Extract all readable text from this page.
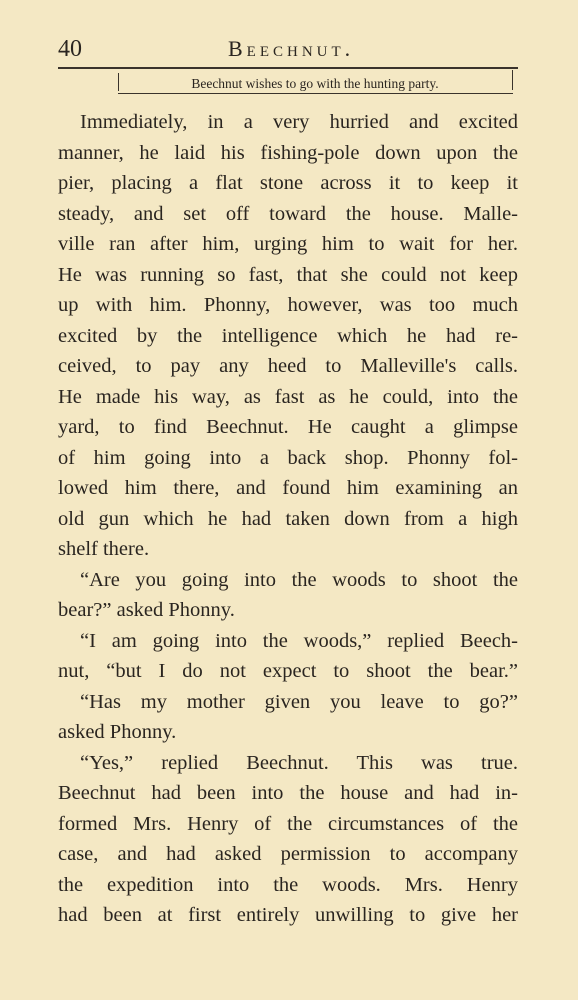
40	Beechnut.
Beechnut wishes to go with the hunting party.
Immediately, in a very hurried and excited
manner, he laid his fishing-pole down upon the
pier, placing a flat stone across it to keep it
steady, and set off toward the house. Malle-
ville ran after him, urging him to wait for her.
He was running so fast, that she could not keep
up with him. Phonny, however, was too much
excited by the intelligence which he had re-
ceived, to pay any heed to Malleville's calls.
He made his way, as fast as he could, into the
yard, to find Beechnut. He caught a glimpse
of him going into a back shop. Phonny fol-
lowed him there, and found him examining an
old gun which he had taken down from a high
shelf there.
“Are you going into the woods to shoot the
bear?” asked Phonny.
“I am going into the woods,” replied Beech-
nut, “but I do not expect to shoot the bear.”
“Has my mother given you leave to go?”
asked Phonny.
“Yes,” replied Beechnut. This was true.
Beechnut had been into the house and had in-
formed Mrs. Henry of the circumstances of the
case, and had asked permission to accompany
the expedition into the woods. Mrs. Henry
had been at first entirely unwilling to give her
